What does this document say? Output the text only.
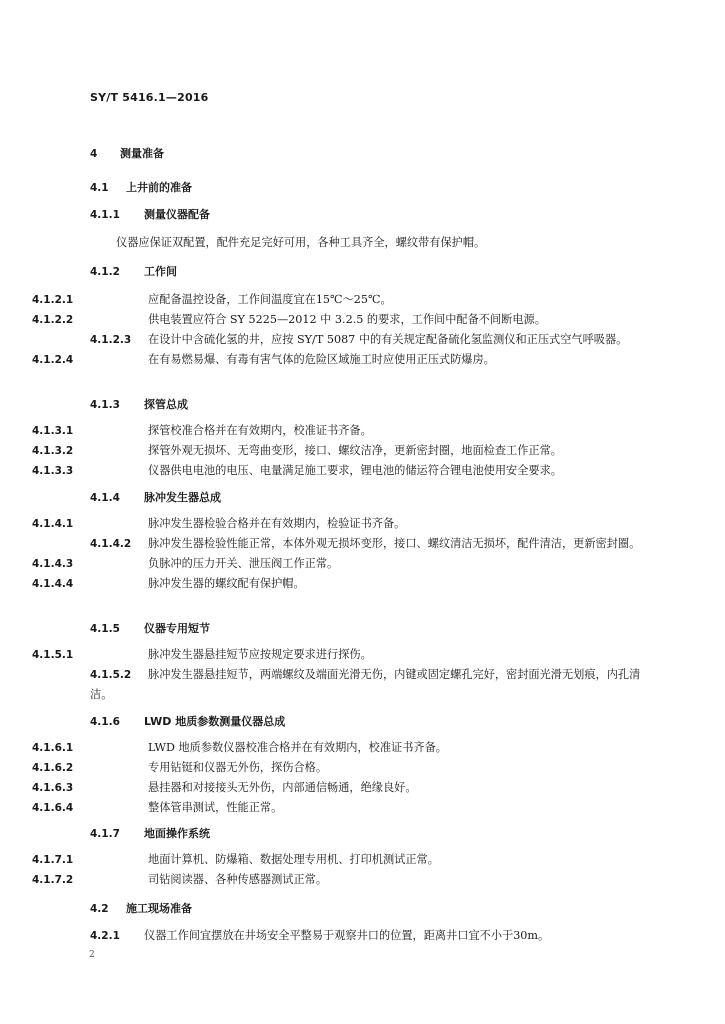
SY/T 5416.1—2016
4 测量准备
4.1 上井前的准备
4.1.1 测量仪器配备
仪器应保证双配置，配件充足完好可用，各种工具齐全，螺纹带有保护帽。
4.1.2 工作间
4.1.2.1	应配备温控设备，工作间温度宜在15℃～25℃。
4.1.2.2	供电装置应符合 SY 5225—2012 中 3.2.5 的要求，工作间中配备不间断电源。
4.1.2.3 在设计中含硫化氢的井，应按 SY/T 5087 中的有关规定配备硫化氢监测仪和正压式空气呼吸器。
4.1.2.4	在有易燃易爆、有毒有害气体的危险区域施工时应使用正压式防爆房。
4.1.3 探管总成
4.1.3.1	探管校准合格并在有效期内，校准证书齐备。
4.1.3.2	探管外观无损坏、无弯曲变形，接口、螺纹洁净，更新密封圈，地面检查工作正常。
4.1.3.3	仪器供电电池的电压、电量满足施工要求，锂电池的储运符合锂电池使用安全要求。
4.1.4 脉冲发生器总成
4.1.4.1	脉冲发生器检验合格并在有效期内，检验证书齐备。
4.1.4.2 脉冲发生器检验性能正常，本体外观无损坏变形，接口、螺纹清洁无损坏，配件清洁，更新密封圈。
4.1.4.3	负脉冲的压力开关、泄压阀工作正常。
4.1.4.4	脉冲发生器的螺纹配有保护帽。
4.1.5 仪器专用短节
4.1.5.1	脉冲发生器悬挂短节应按规定要求进行探伤。
4.1.5.2 脉冲发生器悬挂短节，两端螺纹及端面光滑无伤，内键或固定螺孔完好，密封面光滑无划痕，内孔清洁。
4.1.6 LWD 地质参数测量仪器总成
4.1.6.1	LWD 地质参数仪器校准合格并在有效期内，校准证书齐备。
4.1.6.2	专用钻铤和仪器无外伤，探伤合格。
4.1.6.3	悬挂器和对接接头无外伤，内部通信畅通，绝缘良好。
4.1.6.4	整体管串测试，性能正常。
4.1.7 地面操作系统
4.1.7.1	地面计算机、防爆箱、数据处理专用机、打印机测试正常。
4.1.7.2	司钻阅读器、各种传感器测试正常。
4.2 施工现场准备
4.2.1 仪器工作间宜摆放在井场安全平整易于观察井口的位置，距离井口宜不小于30m。
2
